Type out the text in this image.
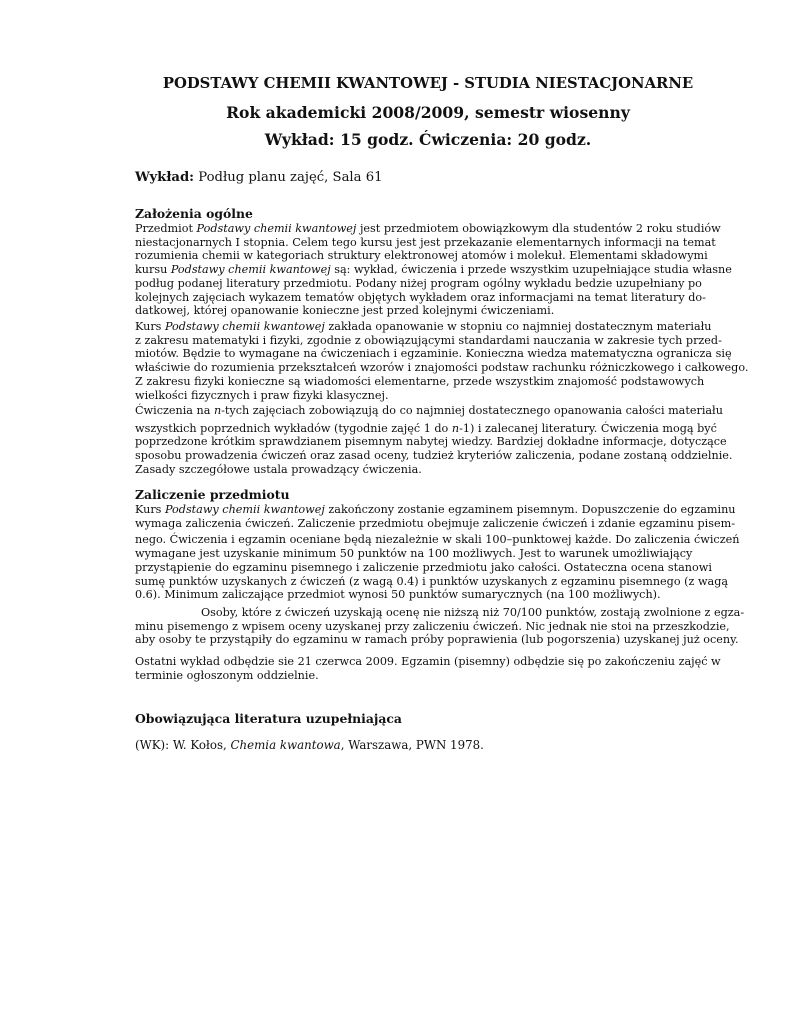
PODSTAWY CHEMII KWANTOWEJ - STUDIA NIESTACJONARNE
Rok akademicki 2008/2009, semestr wiosenny
Wykład: 15 godz. Ćwiczenia: 20 godz.
Wykład: Podług planu zajęć, Sala 61
Założenia ogólne
Przedmiot Podstawy chemii kwantowej jest przedmiotem obowiązkowym dla studentów 2 roku studiów
niestacjonarnych I stopnia. Celem tego kursu jest jest przekazanie elementarnych informacji na temat
rozumienia chemii w kategoriach struktury elektronowej atomów i molekuł. Elementami składowymi
kursu Podstawy chemii kwantowej są: wykład, ćwiczenia i przede wszystkim uzupełniające studia własne
podług podanej literatury przedmiotu. Podany niżej program ogólny wykładu bedzie uzupełniany po
kolejnych zajęciach wykazem tematów objętych wykładem oraz informacjami na temat literatury do-
datkowej, której opanowanie konieczne jest przed kolejnymi ćwiczeniami.
Kurs Podstawy chemii kwantowej zakłada opanowanie w stopniu co najmniej dostatecznym materiału
z zakresu matematyki i fizyki, zgodnie z obowiązującymi standardami nauczania w zakresie tych przed-
miotów. Będzie to wymagane na ćwiczeniach i egzaminie. Konieczna wiedza matematyczna ogranicza się
właściwie do rozumienia przekształceń wzorów i znajomości podstaw rachunku różniczkowego i całkowego.
Z zakresu fizyki konieczne są wiadomości elementarne, przede wszystkim znajomość podstawowych
wielkości fizycznych i praw fizyki klasycznej.
Ćwiczenia na n-tych zajęciach zobowiązują do co najmniej dostatecznego opanowania całości materiału
wszystkich poprzednich wykładów (tygodnie zajęć 1 do n-1) i zalecanej literatury. Ćwiczenia mogą być
poprzedzone krótkim sprawdzianem pisemnym nabytej wiedzy. Bardziej dokładne informacje, dotyczące
sposobu prowadzenia ćwiczeń oraz zasad oceny, tudzież kryteriów zaliczenia, podane zostaną oddzielnie.
Zasady szczegółowe ustala prowadzący ćwiczenia.
Zaliczenie przedmiotu
Kurs Podstawy chemii kwantowej zakończony zostanie egzaminem pisemnym. Dopuszczenie do egzaminu
wymaga zaliczenia ćwiczeń. Zaliczenie przedmiotu obejmuje zaliczenie ćwiczeń i zdanie egzaminu pisem-
nego. Ćwiczenia i egzamin oceniane będą niezależnie w skali 100–punktowej każde. Do zaliczenia ćwiczeń
wymagane jest uzyskanie minimum 50 punktów na 100 możliwych. Jest to warunek umożliwiający
przystąpienie do egzaminu pisemnego i zaliczenie przedmiotu jako całości. Ostateczna ocena stanowi
sumę punktów uzyskanych z ćwiczeń (z wagą 0.4) i punktów uzyskanych z egzaminu pisemnego (z wagą
0.6). Minimum zaliczające przedmiot wynosi 50 punktów sumarycznych (na 100 możliwych).
Osoby, które z ćwiczeń uzyskają ocenę nie niższą niż 70/100 punktów, zostają zwolnione z egza-
minu pisemengo z wpisem oceny uzyskanej przy zaliczeniu ćwiczeń. Nic jednak nie stoi na przeszkodzie,
aby osoby te przystąpiły do egzaminu w ramach próby poprawienia (lub pogorszenia) uzyskanej już oceny.
Ostatni wykład odbędzie sie 21 czerwca 2009. Egzamin (pisemny) odbędzie się po zakończeniu zajęć w
terminie ogłoszonym oddzielnie.
Obowiązująca literatura uzupełniająca
(WK): W. Kołos, Chemia kwantowa, Warszawa, PWN 1978.
